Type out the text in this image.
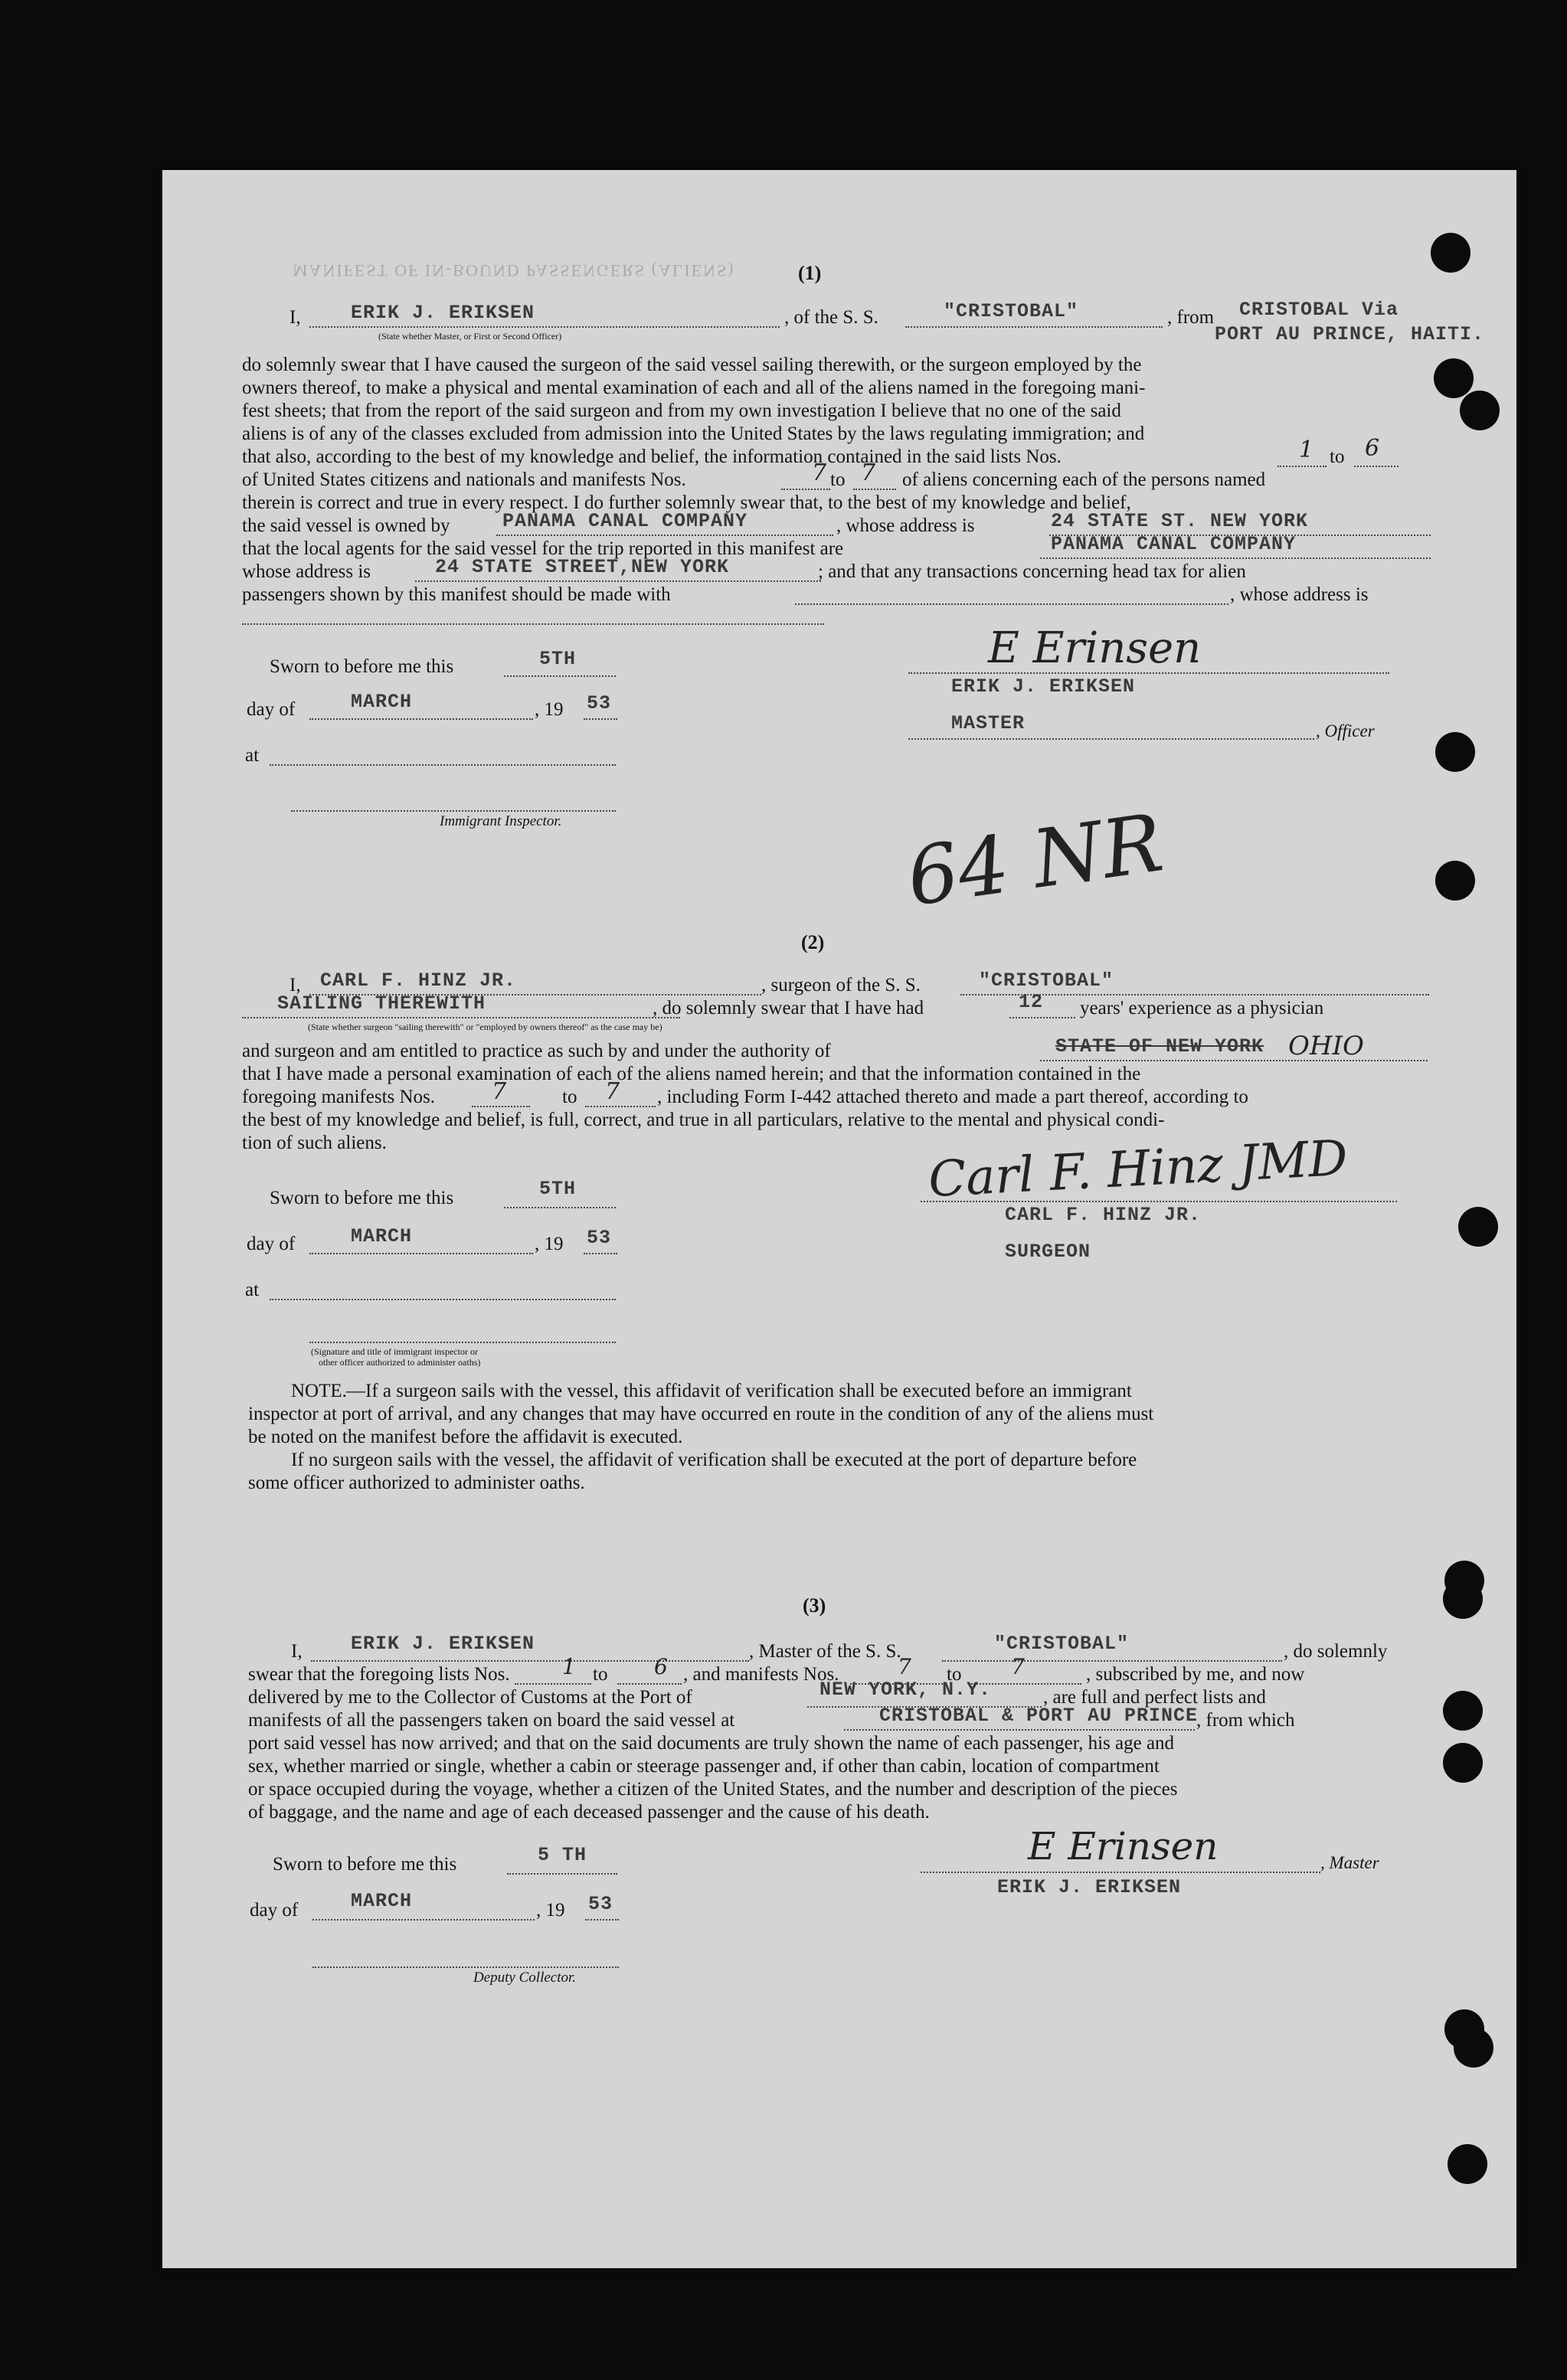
MANIFEST OF IN-BOUND PASSENGERS (ALIENS)	(1)
I,	ERIK J. ERIKSEN	, of the S. S.	"CRISTOBAL"	, from CRISTOBAL Via
PORT AU PRINCE, HAITI.
(State whether Master, or First or Second Officer)
do solemnly swear that I have caused the surgeon of the said vessel sailing therewith, or the surgeon employed by the
owners thereof, to make a physical and mental examination of each and all of the aliens named in the foregoing mani-
fest sheets; that from the report of the said surgeon and from my own investigation I believe that no one of the said
aliens is of any of the classes excluded from admission into the United States by the laws regulating immigration; and
that also, according to the best of my knowledge and belief, the information contained in the said lists Nos.	1 to 6
of United States citizens and nationals and manifests Nos.	7 to 7 of aliens concerning each of the persons named
therein is correct and true in every respect. I do further solemnly swear that, to the best of my knowledge and belief,
the said vessel is owned by	PANAMA CANAL COMPANY	, whose address is	24 STATE ST. NEW YORK
that the local agents for the said vessel for the trip reported in this manifest are	PANAMA CANAL COMPANY
whose address is	24 STATE STREET,NEW YORK	; and that any transactions concerning head tax for alien
passengers shown by this manifest should be made with	, whose address is
Sworn to before me this	5TH
day of	MARCH	, 19 53
at
Immigrant Inspector.
E Erinsen
ERIK J. ERIKSEN
MASTER	, Officer
64 NR
(2)
I, CARL F. HINZ JR.	, surgeon of the S. S.	"CRISTOBAL"
SAILING THEREWITH	, do solemnly swear that I have had	12 years' experience as a physician
(State whether surgeon "sailing therewith" or "employed by owners thereof" as the case may be)
and surgeon and am entitled to practice as such by and under the authority of	STATE OF NEW YORK OHIO
that I have made a personal examination of each of the aliens named herein; and that the information contained in the
foregoing manifests Nos. 7	to 7 , including Form I-442 attached thereto and made a part thereof, according to
the best of my knowledge and belief, is full, correct, and true in all particulars, relative to the mental and physical condi-
tion of such aliens.
Sworn to before me this	5TH
day of	MARCH	, 19 53
at
(Signature and title of immigrant inspector or
other officer authorized to administer oaths)
Carl F. Hinz JMD
CARL F. HINZ JR.
SURGEON
NOTE. —If a surgeon sails with the vessel, this affidavit of verification shall be executed before an immigrant
inspector at port of arrival, and any changes that may have occurred en route in the condition of any of the aliens must
be noted on the manifest before the affidavit is executed.
If no surgeon sails with the vessel, the affidavit of verification shall be executed at the port of departure before
some officer authorized to administer oaths.
(3)
I,	ERIK J. ERIKSEN	, Master of the S. S.	"CRISTOBAL"	, do solemnly
swear that the foregoing lists Nos. 1 to 6 , and manifests Nos.	7 to 7	, subscribed by me, and now
delivered by me to the Collector of Customs at the Port of	NEW YORK, N.Y.	, are full and perfect lists and
manifests of all the passengers taken on board the said vessel at	CRISTOBAL & PORT AU PRINCE
, from which
port said vessel has now arrived; and that on the said documents are truly shown the name of each passenger, his age and
sex, whether married or single, whether a cabin or steerage passenger and, if other than cabin, location of compartment
or space occupied during the voyage, whether a citizen of the United States, and the number and description of the pieces
of baggage, and the name and age of each deceased passenger and the cause of his death.
Sworn to before me this	5 TH
day of	MARCH	, 19 53
Deputy Collector.
E Erinsen	, Master
ERIK J. ERIKSEN
